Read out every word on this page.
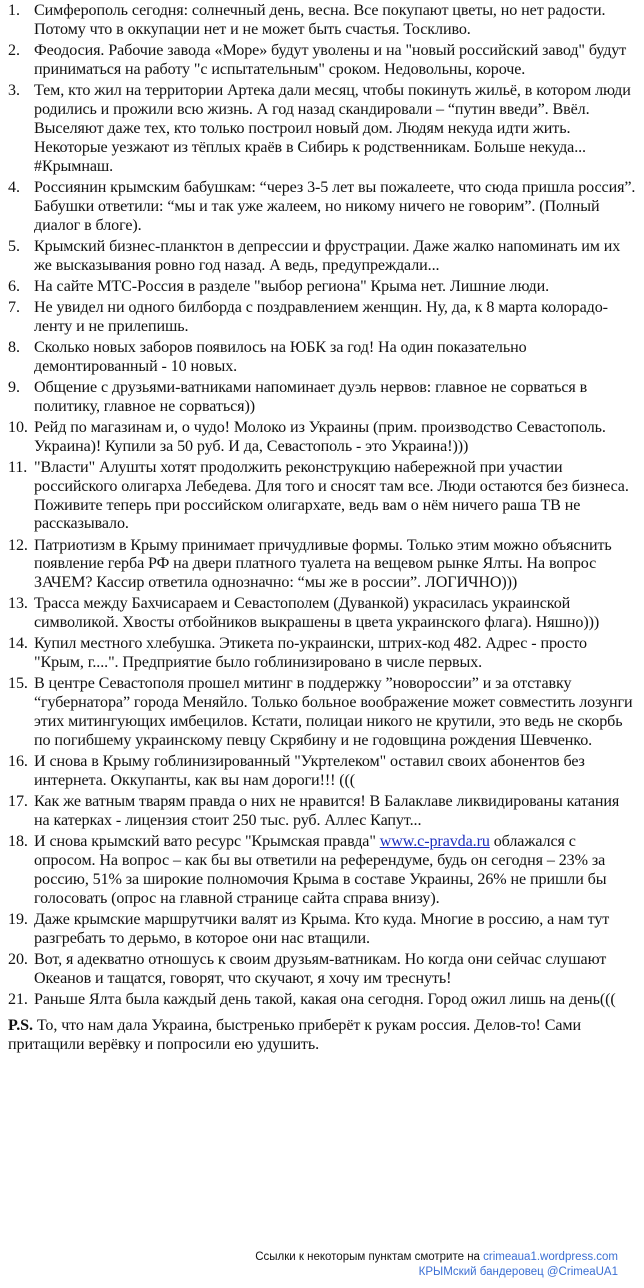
1. Симферополь сегодня: солнечный день, весна. Все покупают цветы, но нет радости. Потому что в оккупации нет и не может быть счастья. Тоскливо.
2. Феодосия. Рабочие завода «Море» будут уволены и на "новый российский завод" будут приниматься на работу "с испытательным" сроком. Недовольны, короче.
3. Тем, кто жил на территории Артека дали месяц, чтобы покинуть жильё, в котором люди родились и прожили всю жизнь. А год назад скандировали – “путин введи”. Ввёл. Выселяют даже тех, кто только построил новый дом. Людям некуда идти жить. Некоторые уезжают из тёплых краёв в Сибирь к родственникам. Больше некуда... #Крымнаш.
4. Россиянин крымским бабушкам: “через 3-5 лет вы пожалеете, что сюда пришла россия”. Бабушки ответили: “мы и так уже жалеем, но никому ничего не говорим”. (Полный диалог в блоге).
5. Крымский бизнес-планктон в депрессии и фрустрации. Даже жалко напоминать им их же высказывания ровно год назад. А ведь, предупреждали...
6. На сайте МТС-Россия в разделе "выбор региона" Крыма нет. Лишние люди.
7. Не увидел ни одного билборда с поздравлением женщин. Ну, да, к 8 марта колорадо-ленту и не прилепишь.
8. Сколько новых заборов появилось на ЮБК за год! На один показательно демонтированный - 10 новых.
9. Общение с друзьями-ватниками напоминает дуэль нервов: главное не сорваться в политику, главное не сорваться))
10. Рейд по магазинам и, о чудо! Молоко из Украины (прим. производство Севастополь. Украина)! Купили за 50 руб. И да, Севастополь - это Украина!)))
11. "Власти" Алушты хотят продолжить реконструкцию набережной при участии российского олигарха Лебедева. Для того и сносят там все. Люди остаются без бизнеса. Поживите теперь при российском олигархате, ведь вам о нём ничего раша ТВ не рассказывало.
12. Патриотизм в Крыму принимает причудливые формы. Только этим можно объяснить появление герба РФ на двери платного туалета на вещевом рынке Ялты. На вопрос ЗАЧЕМ? Кассир ответила однозначно: “мы же в россии”. ЛОГИЧНО)))
13. Трасса между Бахчисараем и Севастополем (Дуванкой) украсилась украинской символикой. Хвосты отбойников выкрашены в цвета украинского флага). Няшно)))
14. Купил местного хлебушка. Этикета по-украински, штрих-код 482. Адрес - просто "Крым, г....". Предприятие было гоблинизировано в числе первых.
15. В центре Севастополя прошел митинг в поддержку ”новороссии” и за отставку “губернатора” города Меняйло. Только больное воображение может совместить лозунги этих митингующих имбецилов. Кстати, полицаи никого не крутили, это ведь не скорбь по погибшему украинскому певцу Скрябину и не годовщина рождения Шевченко.
16. И снова в Крыму гоблинизированный "Укртелеком" оставил своих абонентов без интернета. Оккупанты, как вы нам дороги!!! (((
17. Как же ватным тварям правда о них не нравится! В Балаклаве ликвидированы катания на катерках - лицензия стоит 250 тыс. руб. Аллес Капут...
18. И снова крымский вато ресурс "Крымская правда" www.c-pravda.ru облажался с опросом. На вопрос – как бы вы ответили на референдуме, будь он сегодня – 23% за россию, 51% за широкие полномочия Крыма в составе Украины, 26% не пришли бы голосовать (опрос на главной странице сайта справа внизу).
19. Даже крымские маршрутчики валят из Крыма. Кто куда. Многие в россию, а нам тут разгребать то дерьмо, в которое они нас втащили.
20. Вот, я адекватно отношусь к своим друзьям-ватникам. Но когда они сейчас слушают Океанов и тащатся, говорят, что скучают, я хочу им треснуть!
21. Раньше Ялта была каждый день такой, какая она сегодня. Город ожил лишь на день(((
P.S. То, что нам дала Украина, быстренько приберёт к рукам россия. Делов-то! Сами притащили верёвку и попросили ею удушить.
Ссылки к некоторым пунктам смотрите на crimeaua1.wordpress.com
КРЫМский бандеровец @CrimeaUA1
